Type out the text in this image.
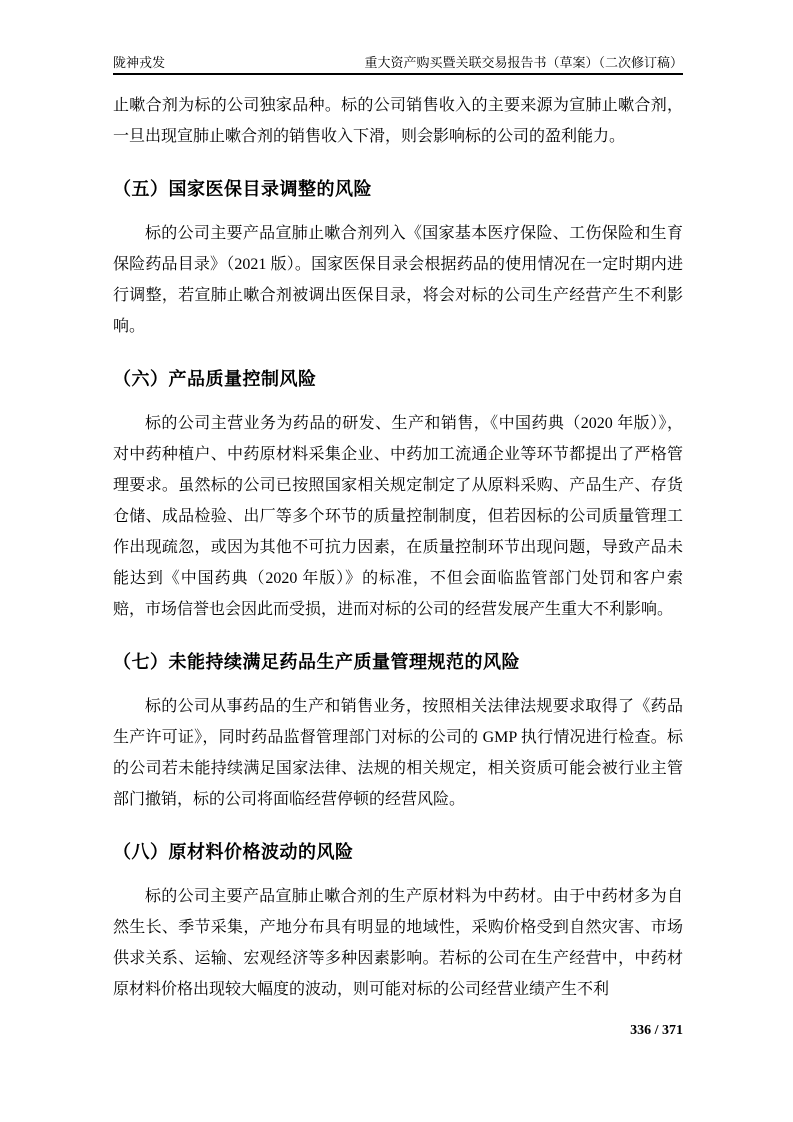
陇神戎发	重大资产购买暨关联交易报告书（草案）（二次修订稿）

止嗽合剂为标的公司独家品种。标的公司销售收入的主要来源为宣肺止嗽合剂，一旦出现宣肺止嗽合剂的销售收入下滑，则会影响标的公司的盈利能力。

（五）国家医保目录调整的风险

标的公司主要产品宣肺止嗽合剂列入《国家基本医疗保险、工伤保险和生育保险药品目录》（2021 版）。国家医保目录会根据药品的使用情况在一定时期内进行调整，若宣肺止嗽合剂被调出医保目录，将会对标的公司生产经营产生不利影响。

（六）产品质量控制风险

标的公司主营业务为药品的研发、生产和销售，《中国药典（2020 年版）》，对中药种植户、中药原材料采集企业、中药加工流通企业等环节都提出了严格管理要求。虽然标的公司已按照国家相关规定制定了从原料采购、产品生产、存货仓储、成品检验、出厂等多个环节的质量控制制度，但若因标的公司质量管理工作出现疏忽，或因为其他不可抗力因素，在质量控制环节出现问题，导致产品未能达到《中国药典（2020 年版）》的标准，不但会面临监管部门处罚和客户索赔，市场信誉也会因此而受损，进而对标的公司的经营发展产生重大不利影响。

（七）未能持续满足药品生产质量管理规范的风险

标的公司从事药品的生产和销售业务，按照相关法律法规要求取得了《药品生产许可证》，同时药品监督管理部门对标的公司的 GMP 执行情况进行检查。标的公司若未能持续满足国家法律、法规的相关规定，相关资质可能会被行业主管部门撤销，标的公司将面临经营停顿的经营风险。

（八）原材料价格波动的风险

标的公司主要产品宣肺止嗽合剂的生产原材料为中药材。由于中药材多为自然生长、季节采集，产地分布具有明显的地域性，采购价格受到自然灾害、市场供求关系、运输、宏观经济等多种因素影响。若标的公司在生产经营中，中药材原材料价格出现较大幅度的波动，则可能对标的公司经营业绩产生不利

336 / 371
